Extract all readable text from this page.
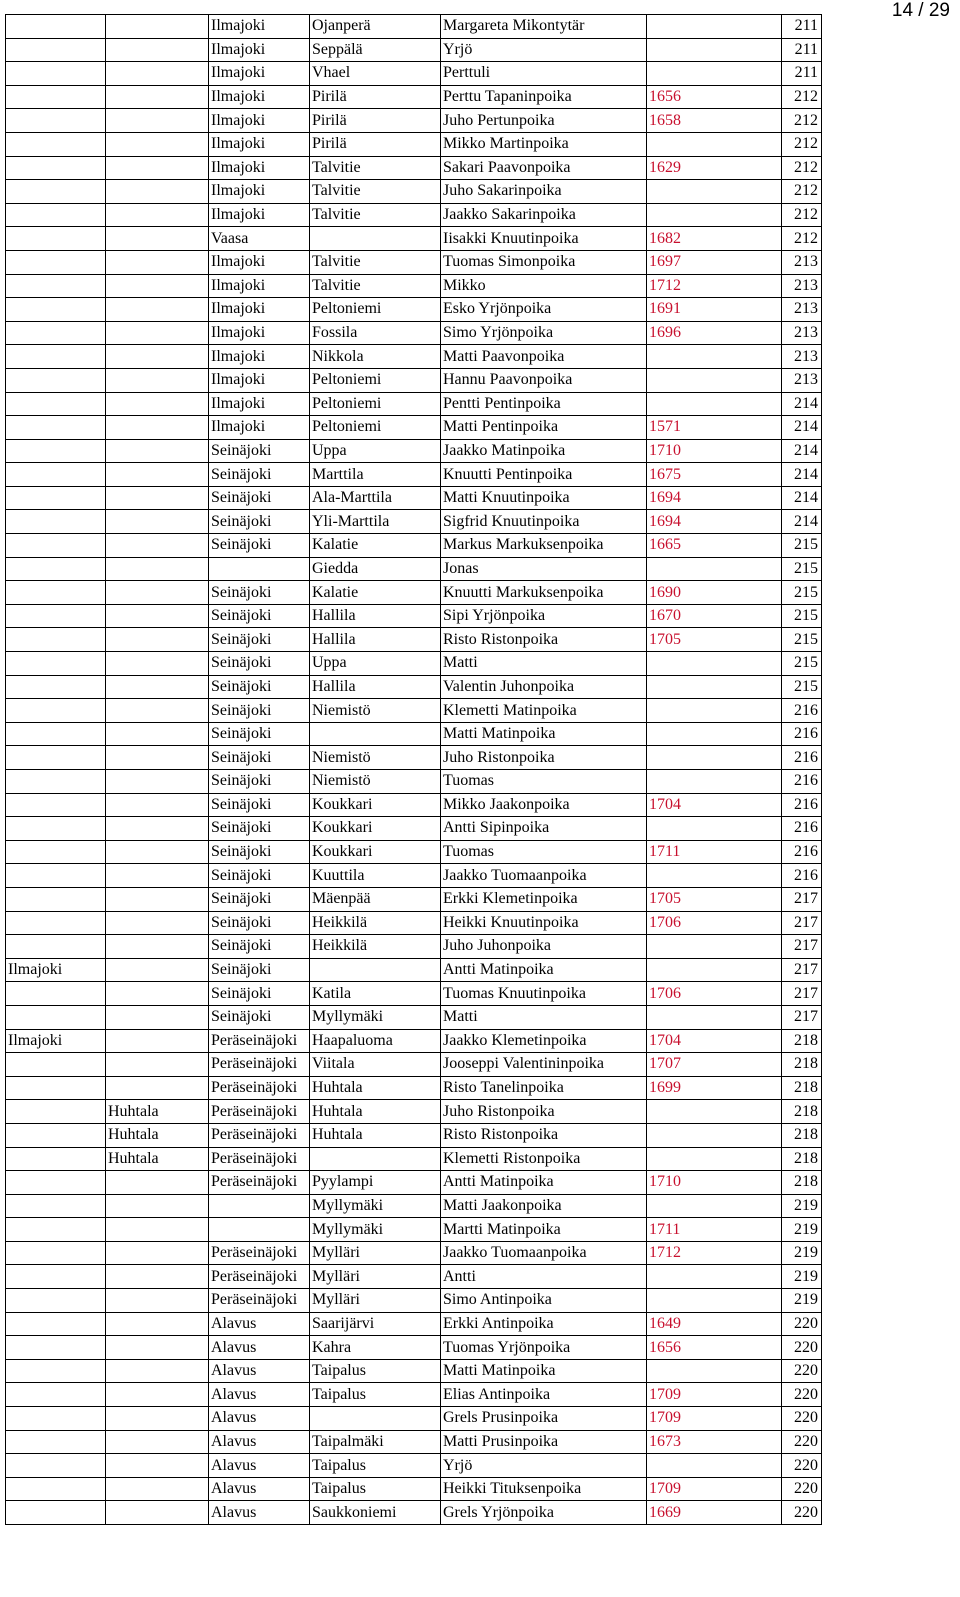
14 / 29
		Ilmajoki	Ojanperä	Margareta Mikontytär		211
		Ilmajoki	Seppälä	Yrjö		211
		Ilmajoki	Vhael	Perttuli		211
		Ilmajoki	Pirilä	Perttu Tapaninpoika	1656	212
		Ilmajoki	Pirilä	Juho Pertunpoika	1658	212
		Ilmajoki	Pirilä	Mikko Martinpoika		212
		Ilmajoki	Talvitie	Sakari Paavonpoika	1629	212
		Ilmajoki	Talvitie	Juho Sakarinpoika		212
		Ilmajoki	Talvitie	Jaakko Sakarinpoika		212
		Vaasa		Iisakki Knuutinpoika	1682	212
		Ilmajoki	Talvitie	Tuomas Simonpoika	1697	213
		Ilmajoki	Talvitie	Mikko	1712	213
		Ilmajoki	Peltoniemi	Esko Yrjönpoika	1691	213
		Ilmajoki	Fossila	Simo Yrjönpoika	1696	213
		Ilmajoki	Nikkola	Matti Paavonpoika		213
		Ilmajoki	Peltoniemi	Hannu Paavonpoika		213
		Ilmajoki	Peltoniemi	Pentti Pentinpoika		214
		Ilmajoki	Peltoniemi	Matti Pentinpoika	1571	214
		Seinäjoki	Uppa	Jaakko Matinpoika	1710	214
		Seinäjoki	Marttila	Knuutti Pentinpoika	1675	214
		Seinäjoki	Ala-Marttila	Matti Knuutinpoika	1694	214
		Seinäjoki	Yli-Marttila	Sigfrid Knuutinpoika	1694	214
		Seinäjoki	Kalatie	Markus Markuksenpoika	1665	215
			Giedda	Jonas		215
		Seinäjoki	Kalatie	Knuutti Markuksenpoika	1690	215
		Seinäjoki	Hallila	Sipi Yrjönpoika	1670	215
		Seinäjoki	Hallila	Risto Ristonpoika	1705	215
		Seinäjoki	Uppa	Matti		215
		Seinäjoki	Hallila	Valentin Juhonpoika		215
		Seinäjoki	Niemistö	Klemetti Matinpoika		216
		Seinäjoki		Matti Matinpoika		216
		Seinäjoki	Niemistö	Juho Ristonpoika		216
		Seinäjoki	Niemistö	Tuomas		216
		Seinäjoki	Koukkari	Mikko Jaakonpoika	1704	216
		Seinäjoki	Koukkari	Antti Sipinpoika		216
		Seinäjoki	Koukkari	Tuomas	1711	216
		Seinäjoki	Kuuttila	Jaakko Tuomaanpoika		216
		Seinäjoki	Mäenpää	Erkki Klemetinpoika	1705	217
		Seinäjoki	Heikkilä	Heikki Knuutinpoika	1706	217
		Seinäjoki	Heikkilä	Juho Juhonpoika		217
Ilmajoki		Seinäjoki		Antti Matinpoika		217
		Seinäjoki	Katila	Tuomas Knuutinpoika	1706	217
		Seinäjoki	Myllymäki	Matti		217
Ilmajoki		Peräseinäjoki	Haapaluoma	Jaakko Klemetinpoika	1704	218
		Peräseinäjoki	Viitala	Jooseppi Valentininpoika	1707	218
		Peräseinäjoki	Huhtala	Risto Tanelinpoika	1699	218
	Huhtala	Peräseinäjoki	Huhtala	Juho Ristonpoika		218
	Huhtala	Peräseinäjoki	Huhtala	Risto Ristonpoika		218
	Huhtala	Peräseinäjoki		Klemetti Ristonpoika		218
		Peräseinäjoki	Pyylampi	Antti Matinpoika	1710	218
			Myllymäki	Matti Jaakonpoika		219
			Myllymäki	Martti Matinpoika	1711	219
		Peräseinäjoki	Mylläri	Jaakko Tuomaanpoika	1712	219
		Peräseinäjoki	Mylläri	Antti		219
		Peräseinäjoki	Mylläri	Simo Antinpoika		219
		Alavus	Saarijärvi	Erkki Antinpoika	1649	220
		Alavus	Kahra	Tuomas Yrjönpoika	1656	220
		Alavus	Taipalus	Matti Matinpoika		220
		Alavus	Taipalus	Elias Antinpoika	1709	220
		Alavus		Grels Prusinpoika	1709	220
		Alavus	Taipalmäki	Matti Prusinpoika	1673	220
		Alavus	Taipalus	Yrjö		220
		Alavus	Taipalus	Heikki Tituksenpoika	1709	220
		Alavus	Saukkoniemi	Grels Yrjönpoika	1669	220
